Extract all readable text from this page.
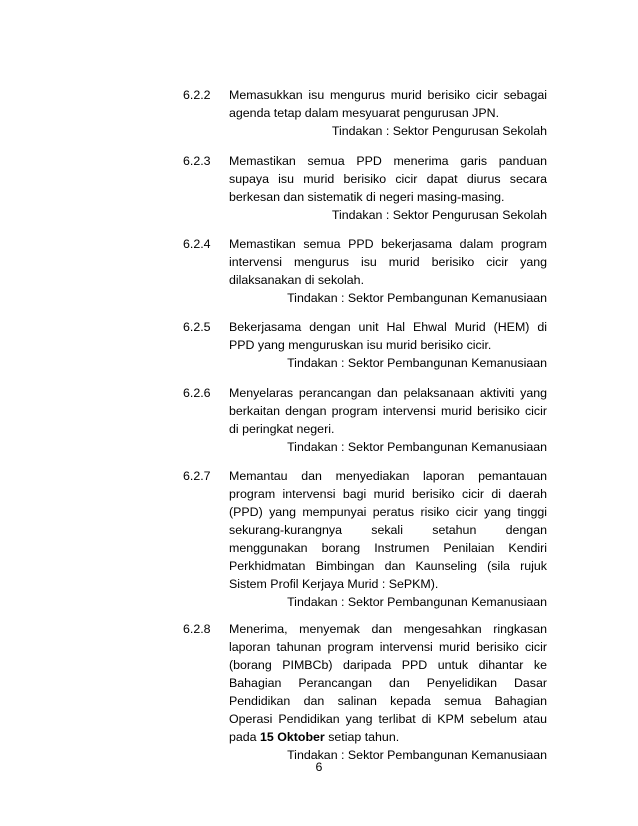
6.2.2 Memasukkan isu mengurus murid berisiko cicir sebagai
agenda tetap dalam mesyuarat pengurusan JPN.
Tindakan : Sektor Pengurusan Sekolah
6.2.3 Memastikan semua PPD menerima garis panduan
supaya isu murid berisiko cicir dapat diurus secara
berkesan dan sistematik di negeri masing-masing.
Tindakan : Sektor Pengurusan Sekolah
6.2.4 Memastikan semua PPD bekerjasama dalam program
intervensi mengurus isu murid berisiko cicir yang
dilaksanakan di sekolah.
Tindakan : Sektor Pembangunan Kemanusiaan
6.2.5 Bekerjasama dengan unit Hal Ehwal Murid (HEM) di
PPD yang menguruskan isu murid berisiko cicir.
Tindakan : Sektor Pembangunan Kemanusiaan
6.2.6 Menyelaras perancangan dan pelaksanaan aktiviti yang
berkaitan dengan program intervensi murid berisiko cicir
di peringkat negeri.
Tindakan : Sektor Pembangunan Kemanusiaan
6.2.7 Memantau dan menyediakan laporan pemantauan
program intervensi bagi murid berisiko cicir di daerah
(PPD) yang mempunyai peratus risiko cicir yang tinggi
sekurang-kurangnya sekali setahun dengan
menggunakan borang Instrumen Penilaian Kendiri
Perkhidmatan Bimbingan dan Kaunseling (sila rujuk
Sistem Profil Kerjaya Murid : SePKM).
Tindakan : Sektor Pembangunan Kemanusiaan
6.2.8 Menerima, menyemak dan mengesahkan ringkasan
laporan tahunan program intervensi murid berisiko cicir
(borang PIMBCb) daripada PPD untuk dihantar ke
Bahagian Perancangan dan Penyelidikan Dasar
Pendidikan dan salinan kepada semua Bahagian
Operasi Pendidikan yang terlibat di KPM sebelum atau
pada 15 Oktober setiap tahun.
Tindakan : Sektor Pembangunan Kemanusiaan
6
